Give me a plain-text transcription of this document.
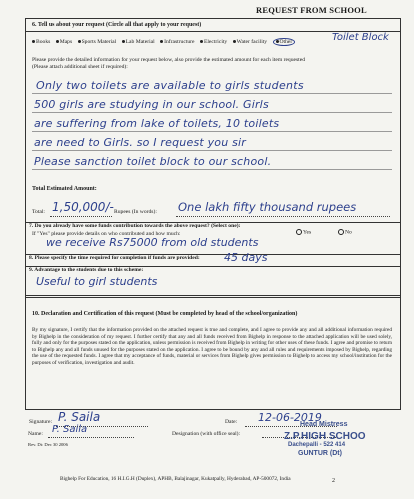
REQUEST FROM SCHOOL
6. Tell us about your request (Circle all that apply to your request)
Books Maps Sports Material Lab Material Infrastructure Electricity Water facility Other	Toilet Block
Please provide the detailed information for your request below, also provide the estimated amount for each item requested
(Please attach additional sheet if required):
Only two toilets are available to girls students
500 girls are studying in our school. Girls
are suffering from lake of toilets, 10 toilets
are need to Girls. so I request you sir
Please sanction toilet block to our school.
Total Estimated Amount:
Total: 1,50,000/- Rupees (In words): One lakh fifty thousand rupees
7. Do you already have some funds contribution towards the above request? (Select one):
Yes	No
If "Yes" please provide details on who contributed and how much:
we receive Rs75000 from old students
8. Please specify the time required for completion if funds are provided: 45 days
9. Advantage to the students due to this scheme:
Useful to girl students
10. Declaration and Certification of this request (Must be completed by head of the school/organization)
By my signature, I certify that the information provided on the attached request is true and complete, and I agree to provide any and all additional information required by Bighelp in the consideration of my request. I further certify that any and all funds received from Bighelp in response to the attached application will be used solely, fully and only for the purposes stated on the application, unless permission is received from Bighelp in writing for other uses of these funds. I agree and promise to return to Bighelp any and all funds unused for the purposes stated on the application. I agree to be bound by any and all rules and requirements imposed by Bighelp, regarding the use of the requested funds. I agree that my acceptance of funds, material or services from Bighelp gives permission to Bighelp to access my school/institution for the purposes of verification, investigation and audit.
Signature: P. Saila	Date: 12-06-2019
Name: P. Saila	Designation (with office seal):
Rev. Dt: Dec 30 2006
Head Mistress
Z.P.HIGH SCHOO
Dachepalli - 522 414
GUNTUR (Dt)
Bighelp For Education, 16 H.I.G.H (Duplex), APHB, Balajinagar, Kukatpally, Hyderabad, AP-500072, India	2
